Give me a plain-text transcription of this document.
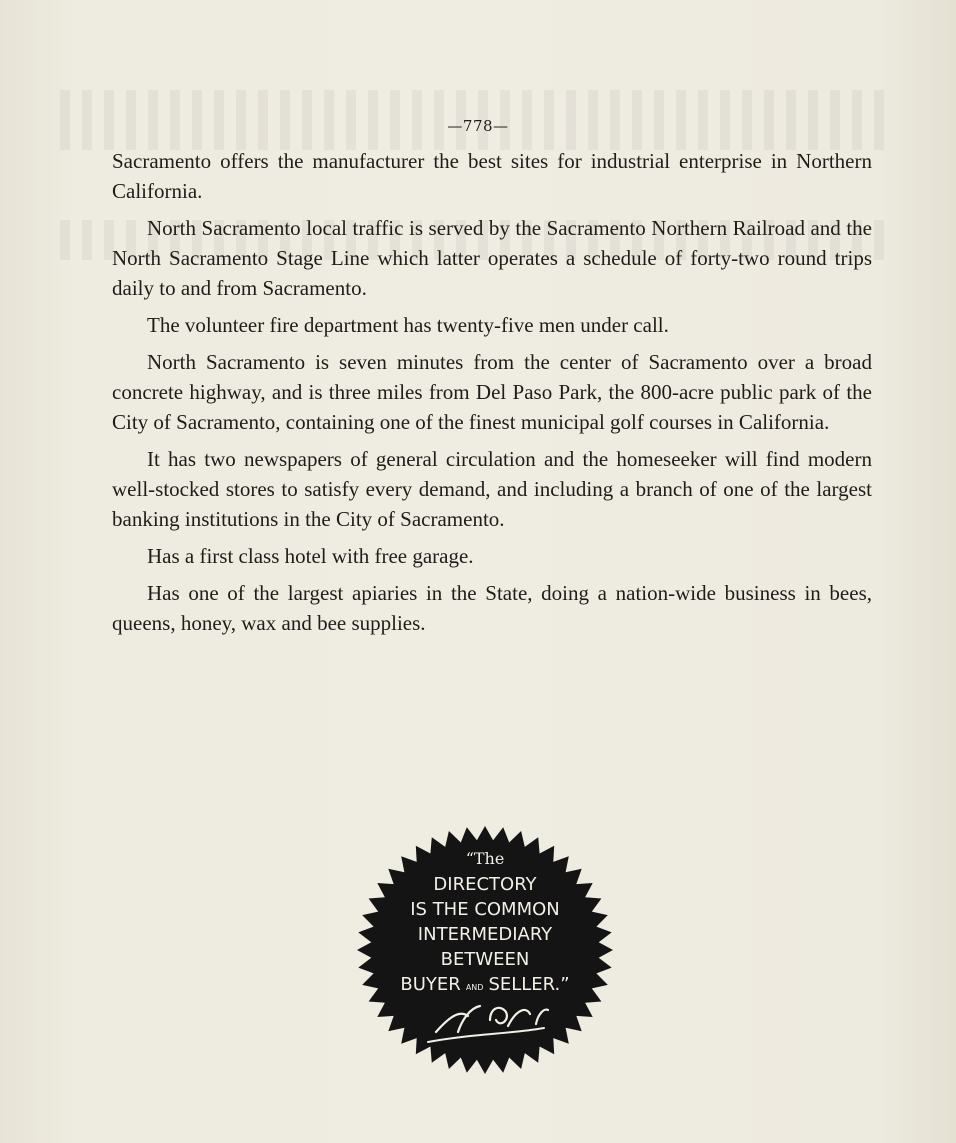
—778—

Sacramento offers the manufacturer the best sites for industrial enterprise in Northern California.

North Sacramento local traffic is served by the Sacramento Northern Railroad and the North Sacramento Stage Line which latter operates a schedule of forty-two round trips daily to and from Sacramento.

The volunteer fire department has twenty-five men under call.

North Sacramento is seven minutes from the center of Sacramento over a broad concrete highway, and is three miles from Del Paso Park, the 800-acre public park of the City of Sacramento, containing one of the finest municipal golf courses in California.

It has two newspapers of general circulation and the homeseeker will find modern well-stocked stores to satisfy every demand, and including a branch of one of the largest banking institutions in the City of Sacramento.

Has a first class hotel with free garage.

Has one of the largest apiaries in the State, doing a nation-wide business in bees, queens, honey, wax and bee supplies.

“The
DIRECTORY
IS THE COMMON
INTERMEDIARY
BETWEEN
BUYER AND SELLER.”
